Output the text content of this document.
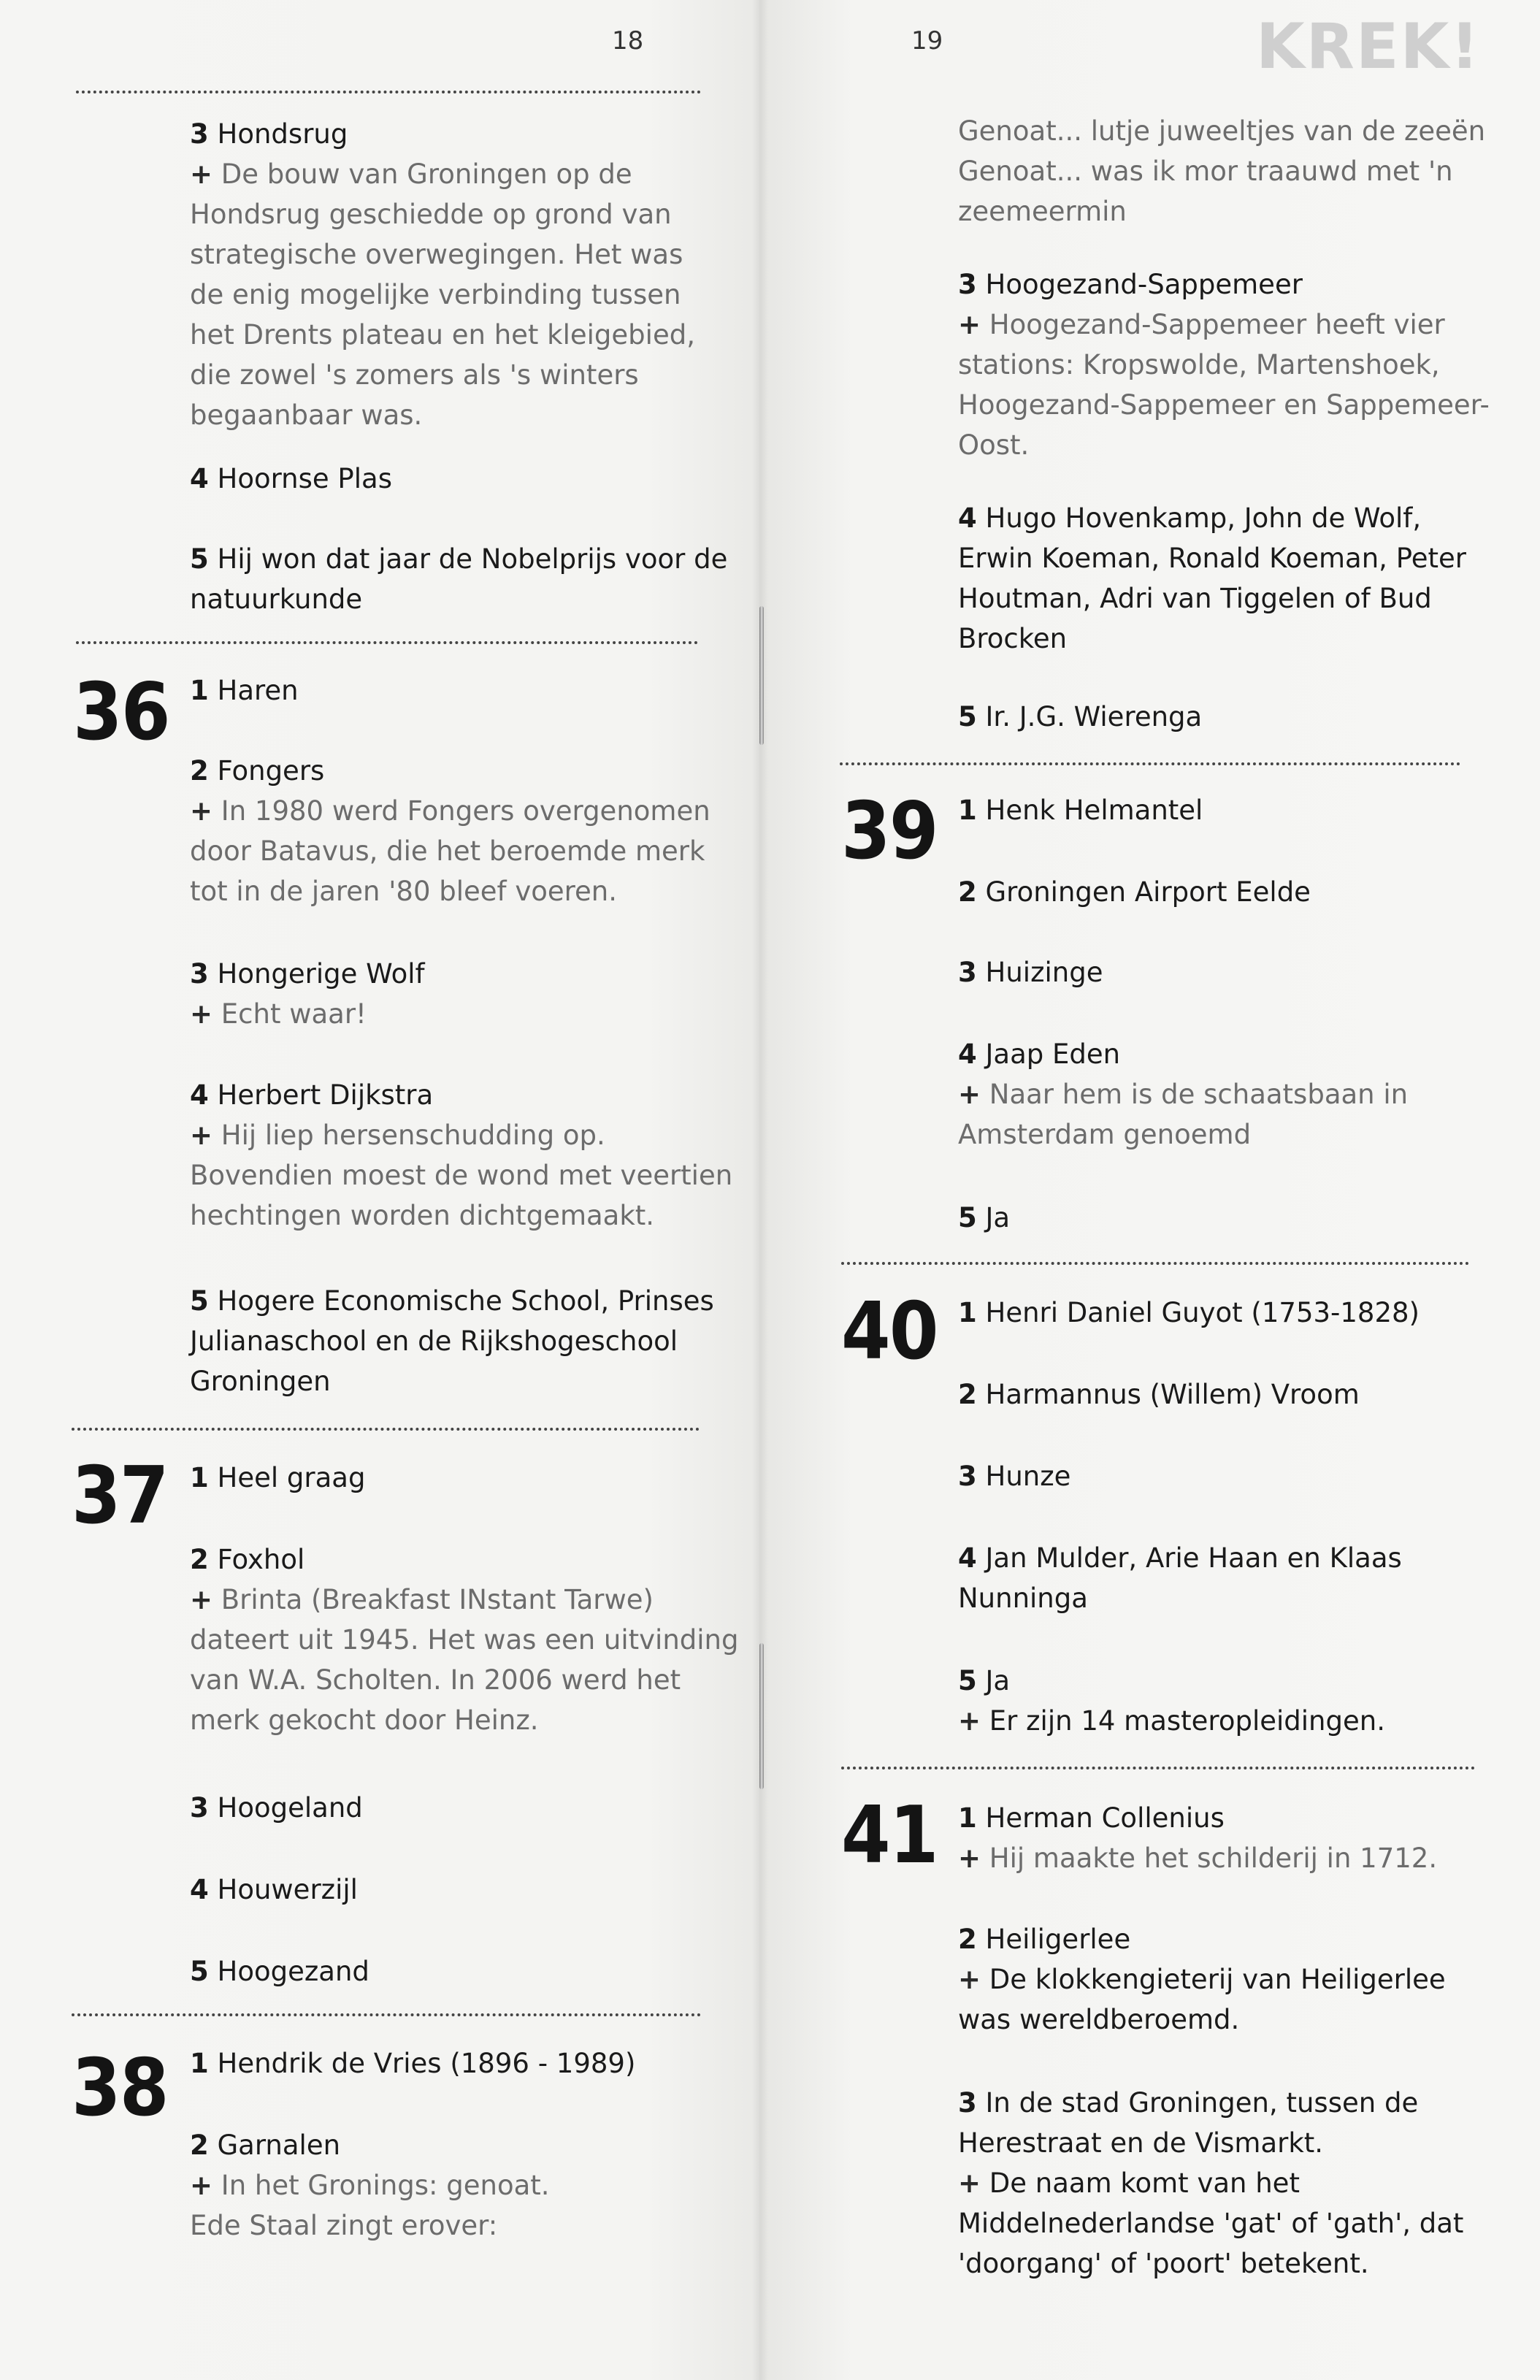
18	19	KREK!
36
37
38
39
40
41
3 Hondsrug
+ De bouw van Groningen op de
Hondsrug geschiedde op grond van
strategische overwegingen. Het was
de enig mogelijke verbinding tussen
het Drents plateau en het kleigebied,
die zowel 's zomers als 's winters
begaanbaar was.
4 Hoornse Plas
5 Hij won dat jaar de Nobelprijs voor de
natuurkunde
1 Haren
2 Fongers
+ In 1980 werd Fongers overgenomen
door Batavus, die het beroemde merk
tot in de jaren '80 bleef voeren.
3 Hongerige Wolf
+ Echt waar!
4 Herbert Dijkstra
+ Hij liep hersenschudding op.
Bovendien moest de wond met veertien
hechtingen worden dichtgemaakt.
5 Hogere Economische School, Prinses
Julianaschool en de Rijkshogeschool
Groningen
1 Heel graag
2 Foxhol
+ Brinta (Breakfast INstant Tarwe)
dateert uit 1945. Het was een uitvinding
van W.A. Scholten. In 2006 werd het
merk gekocht door Heinz.
3 Hoogeland
4 Houwerzijl
5 Hoogezand
1 Hendrik de Vries (1896 - 1989)
2 Garnalen
+ In het Gronings: genoat.
Ede Staal zingt erover:
Genoat... lutje juweeltjes van de zeeën
Genoat... was ik mor traauwd met 'n
zeemeermin
3 Hoogezand-Sappemeer
+ Hoogezand-Sappemeer heeft vier
stations: Kropswolde, Martenshoek,
Hoogezand-Sappemeer en Sappemeer-
Oost.
4 Hugo Hovenkamp, John de Wolf,
Erwin Koeman, Ronald Koeman, Peter
Houtman, Adri van Tiggelen of Bud
Brocken
5 Ir. J.G. Wierenga
1 Henk Helmantel
2 Groningen Airport Eelde
3 Huizinge
4 Jaap Eden
+ Naar hem is de schaatsbaan in
Amsterdam genoemd
5 Ja
1 Henri Daniel Guyot (1753-1828)
2 Harmannus (Willem) Vroom
3 Hunze
4 Jan Mulder, Arie Haan en Klaas
Nunninga
5 Ja
+ Er zijn 14 masteropleidingen.
1 Herman Collenius
+ Hij maakte het schilderij in 1712.
2 Heiligerlee
+ De klokkengieterij van Heiligerlee
was wereldberoemd.
3 In de stad Groningen, tussen de
Herestraat en de Vismarkt.
+ De naam komt van het
Middelnederlandse 'gat' of 'gath', dat
'doorgang' of 'poort' betekent.
